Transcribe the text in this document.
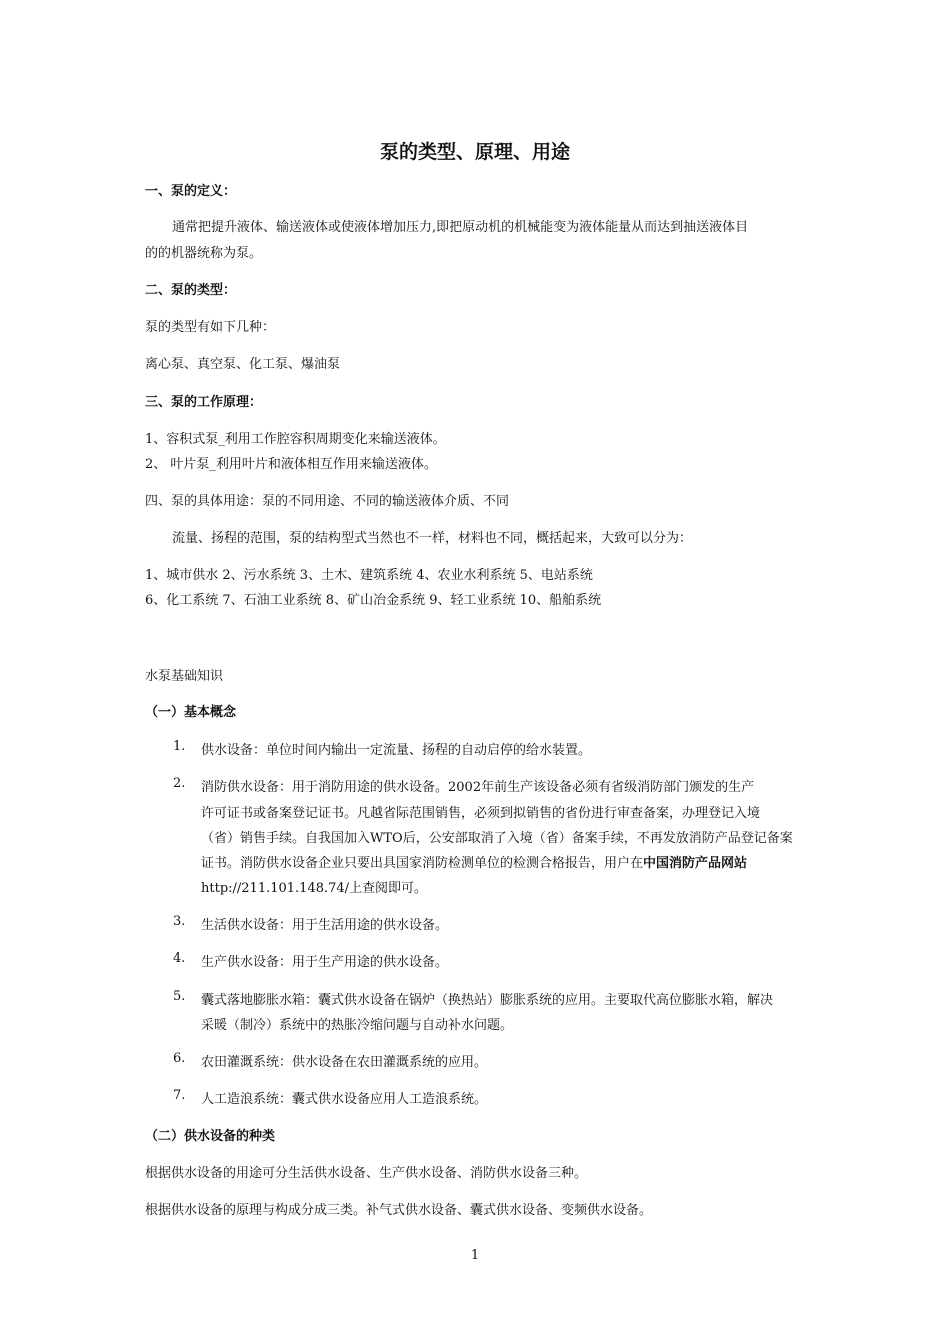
泵的类型、原理、用途
一、泵的定义：
通常把提升液体、输送液体或使液体增加压力,即把原动机的机械能变为液体能量从而达到抽送液体目
的的机器统称为泵。
二、泵的类型：
泵的类型有如下几种：
离心泵、真空泵、化工泵、爆油泵
三、泵的工作原理：
1、容积式泵_利用工作腔容积周期变化来输送液体。
2、 叶片泵_利用叶片和液体相互作用来输送液体。
四、泵的具体用途：泵的不同用途、不同的输送液体介质、不同
流量、扬程的范围，泵的结构型式当然也不一样，材料也不同，概括起来，大致可以分为：
1、城市供水 2、污水系统 3、土木、建筑系统 4、农业水利系统 5、电站系统
6、化工系统 7、石油工业系统 8、矿山冶金系统 9、轻工业系统 10、船舶系统
水泵基础知识
（一）基本概念
1. 供水设备：单位时间内输出一定流量、扬程的自动启停的给水装置。
2. 消防供水设备：用于消防用途的供水设备。2002年前生产该设备必须有省级消防部门颁发的生产
许可证书或备案登记证书。凡越省际范围销售，必须到拟销售的省份进行审查备案，办理登记入境
（省）销售手续。自我国加入WTO后，公安部取消了入境（省）备案手续，不再发放消防产品登记备案
证书。消防供水设备企业只要出具国家消防检测单位的检测合格报告，用户在中国消防产品网站
http://211.101.148.74/上查阅即可。
3. 生活供水设备：用于生活用途的供水设备。
4. 生产供水设备：用于生产用途的供水设备。
5. 囊式落地膨胀水箱：囊式供水设备在锅炉（换热站）膨胀系统的应用。主要取代高位膨胀水箱，解决
采暖（制冷）系统中的热胀冷缩问题与自动补水问题。
6. 农田灌溉系统：供水设备在农田灌溉系统的应用。
7. 人工造浪系统：囊式供水设备应用人工造浪系统。
（二）供水设备的种类
根据供水设备的用途可分生活供水设备、生产供水设备、消防供水设备三种。
根据供水设备的原理与构成分成三类。补气式供水设备、囊式供水设备、变频供水设备。
1
